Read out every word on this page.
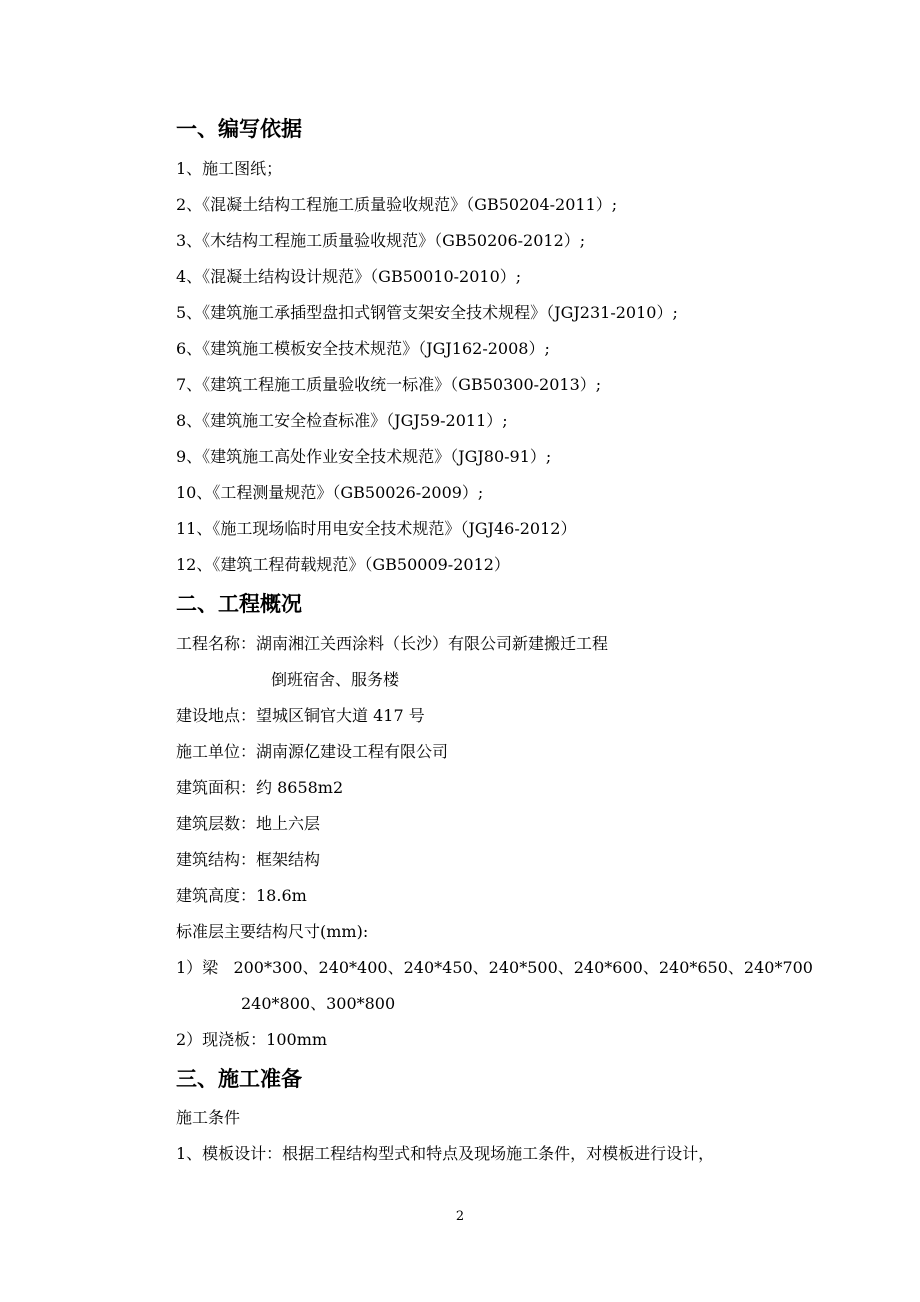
一、编写依据
1、施工图纸；
2、《混凝土结构工程施工质量验收规范》（GB50204-2011）;
3、《木结构工程施工质量验收规范》（GB50206-2012）;
4、《混凝土结构设计规范》（GB50010-2010）;
5、《建筑施工承插型盘扣式钢管支架安全技术规程》（JGJ231-2010）;
6、《建筑施工模板安全技术规范》（JGJ162-2008）;
7、《建筑工程施工质量验收统一标准》（GB50300-2013）;
8、《建筑施工安全检查标准》（JGJ59-2011）;
9、《建筑施工高处作业安全技术规范》（JGJ80-91）;
10、《工程测量规范》（GB50026-2009）;
11、《施工现场临时用电安全技术规范》（JGJ46-2012）
12、《建筑工程荷载规范》（GB50009-2012）
二、工程概况
工程名称：湖南湘江关西涂料（长沙）有限公司新建搬迁工程
倒班宿舍、服务楼
建设地点：望城区铜官大道 417 号
施工单位：湖南源亿建设工程有限公司
建筑面积：约 8658m2
建筑层数：地上六层
建筑结构：框架结构
建筑高度：18.6m
标准层主要结构尺寸(mm):
1）梁   200*300、240*400、240*450、240*500、240*600、240*650、240*700
240*800、300*800
2）现浇板：100mm
三、施工准备
施工条件
1、模板设计：根据工程结构型式和特点及现场施工条件，对模板进行设计，
2
